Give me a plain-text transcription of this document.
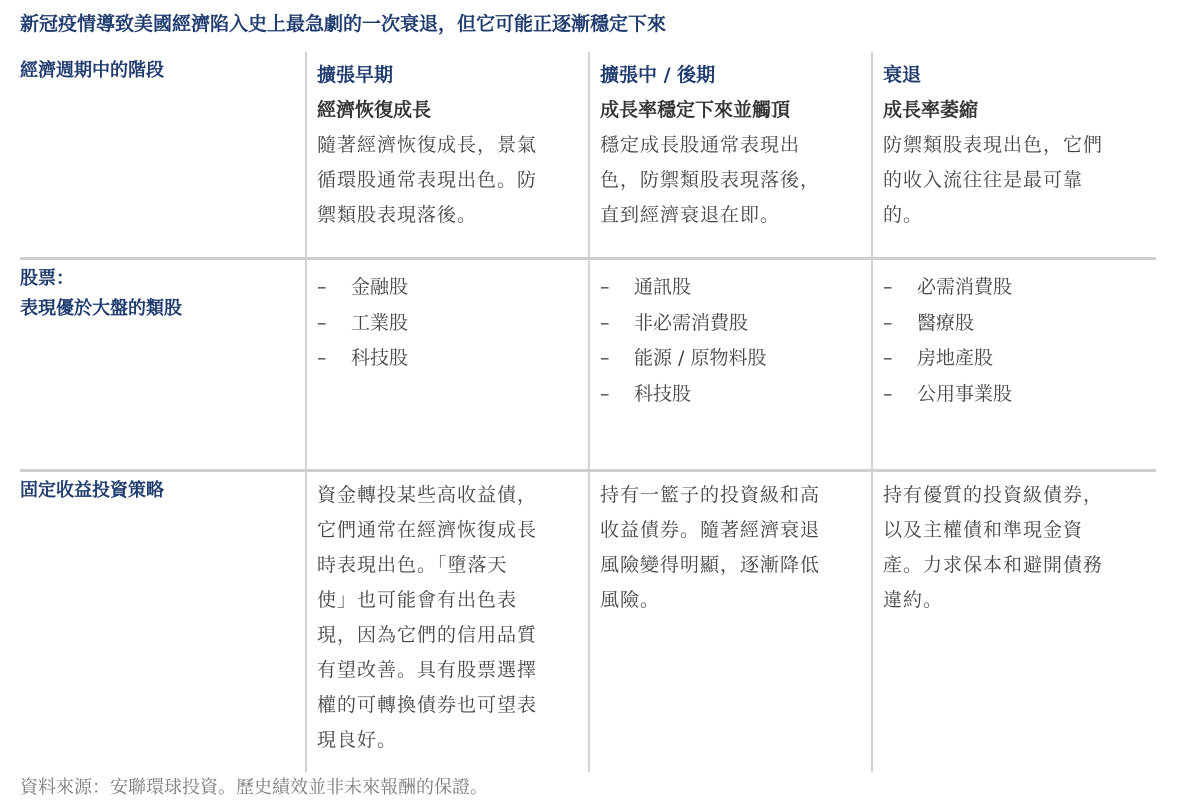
新冠疫情導致美國經濟陷入史上最急劇的一次衰退，但它可能正逐漸穩定下來
經濟週期中的階段	擴張早期
經濟恢復成長
隨著經濟恢復成長，景氣
循環股通常表現出色。防
禦類股表現落後。
擴張中 / 後期
成長率穩定下來並觸頂
穩定成長股通常表現出
色，防禦類股表現落後，
直到經濟衰退在即。
衰退
成長率萎縮
防禦類股表現出色，它們
的收入流往往是最可靠
的。
股票：
表現優於大盤的類股
– 金融股
– 工業股
– 科技股
– 通訊股
– 非必需消費股
– 能源 / 原物料股
– 科技股
– 必需消費股
– 醫療股
– 房地產股
– 公用事業股
固定收益投資策略	資金轉投某些高收益債，
它們通常在經濟恢復成長
時表現出色。「墮落天
使」也可能會有出色表
現，因為它們的信用品質
有望改善。具有股票選擇
權的可轉換債券也可望表
現良好。
持有一籃子的投資級和高
收益債券。隨著經濟衰退
風險變得明顯，逐漸降低
風險。
持有優質的投資級債券，
以及主權債和準現金資
產。力求保本和避開債務
違約。
資料來源：安聯環球投資。歷史績效並非未來報酬的保證。
